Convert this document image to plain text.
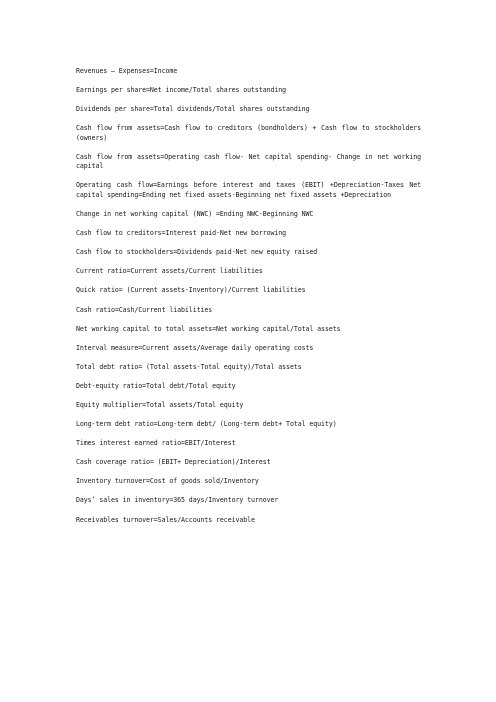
Revenues – Expenses=Income

Earnings per share=Net income/Total shares outstanding

Dividends per share=Total dividends/Total shares outstanding

Cash flow from assets=Cash flow to creditors (bondholders) + Cash flow to stockholders (owners)

Cash flow from assets=Operating cash flow- Net capital spending- Change in net working capital

Operating cash flow=Earnings before interest and taxes (EBIT) +Depreciation-Taxes Net capital spending=Ending net fixed assets-Beginning net fixed assets +Depreciation

Change in net working capital (NWC) =Ending NWC-Beginning NWC

Cash flow to creditors=Interest paid-Net new borrowing

Cash flow to stockholders=Dividends paid-Net new equity raised

Current ratio=Current assets/Current liabilities

Quick ratio= (Current assets-Inventory)/Current liabilities

Cash ratio=Cash/Current liabilities

Net working capital to total assets=Net working capital/Total assets

Interval measure=Current assets/Average daily operating costs

Total debt ratio= (Total assets-Total equity)/Total assets

Debt-equity ratio=Total debt/Total equity

Equity multiplier=Total assets/Total equity

Long-term debt ratio=Long-term debt/ (Long-term debt+ Total equity)

Times interest earned ratio=EBIT/Interest

Cash coverage ratio= (EBIT+ Depreciation)/Interest

Inventory turnover=Cost of goods sold/Inventory

Days’ sales in inventory=365 days/Inventory turnover

Receivables turnover=Sales/Accounts receivable
